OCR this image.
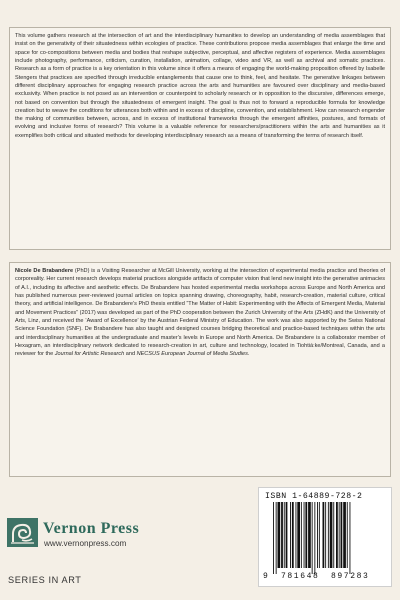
This volume gathers research at the intersection of art and the interdisciplinary humanities to develop an understanding of media assemblages that insist on the generativity of their situatedness within ecologies of practice. These contributions propose media assemblages that enlarge the time and space for co-compositions between media and bodies that reshape subjective, perceptual, and affective registers of experience. Media assemblages include photography, performance, criticism, curation, installation, animation, collage, video and VR, as well as archival and somatic practices. Research as a form of practice is a key orientation in this volume since it offers a means of engaging the world-making proposition offered by Isabelle Stengers that practices are specified through irreducible entanglements that cause one to think, feel, and hesitate. The generative linkages between different disciplinary approaches for engaging research practice across the arts and humanities are favoured over disciplinary and media-based exclusivity. When practice is not posed as an intervention or counterpoint to scholarly research or in opposition to the discursive, differences emerge, not based on convention but through the situatedness of emergent insight. The goal is thus not to forward a reproducible formula for knowledge creation but to weave the conditions for utterances both within and in excess of discipline, convention, and establishment. How can research engender the making of communities between, across, and in excess of institutional frameworks through the emergent affinities, postures, and formats of evolving and inclusive forms of research? This volume is a valuable reference for researchers/practitioners within the arts and humanities as it exemplifies both critical and situated methods for developing interdisciplinary research as a means of transforming the terms of research itself.

Nicole De Brabandere (PhD) is a Visiting Researcher at McGill University, working at the intersection of experimental media practice and theories of corporeality. Her current research develops material practices alongside artifacts of computer vision that lend new insight into the generative animacies of A.I., including its affective and aesthetic effects. De Brabandere has hosted experimental media workshops across Europe and North America and has published numerous peer-reviewed journal articles on topics spanning drawing, choreography, habit, research-creation, material culture, critical theory, and artificial intelligence. De Brabandere's PhD thesis entitled “The Matter of Habit: Experimenting with the Affects of Emergent Media, Material and Movement Practices” (2017) was developed as part of the PhD cooperation between the Zurich University of the Arts (ZHdK) and the University of Arts, Linz, and received the ‘Award of Excellence’ by the Austrian Federal Ministry of Education. The work was also supported by the Swiss National Science Foundation (SNF). De Brabandere has also taught and designed courses bridging theoretical and practice-based techniques within the arts and interdisciplinary humanities at the undergraduate and master's levels in Europe and North America. De Brabandere is a collaborator member of Hexagram, an interdisciplinary network dedicated to research-creation in art, culture and technology, located in Tiohtiá:ke/Montreal, Canada, and a reviewer for the Journal for Artistic Research and NECSUS European Journal of Media Studies.

Vernon Press
www.vernonpress.com
SERIES IN ART
ISBN 1-64889-728-2
9 781648 897283
